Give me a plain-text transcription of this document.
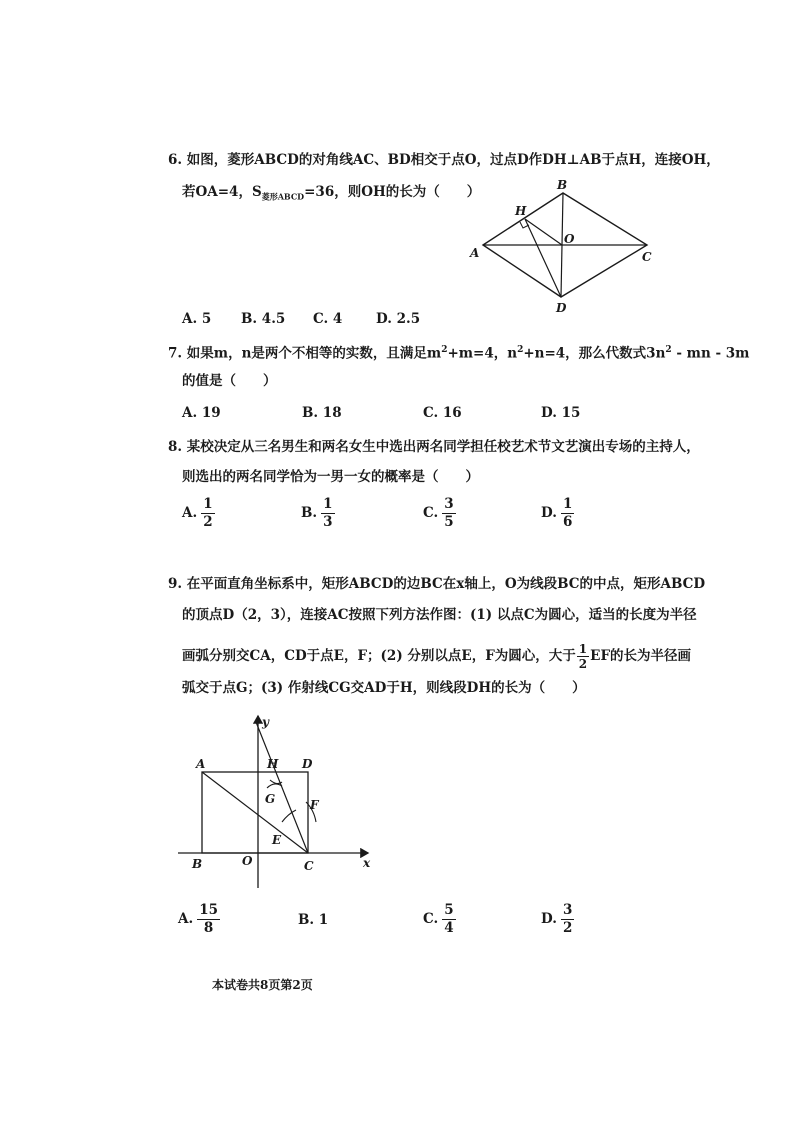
6. 如图，菱形ABCD的对角线AC、BD相交于点O，过点D作DH⊥AB于点H，连接OH，
若OA=4，$S_{菱形ABCD}=36$，则OH的长为（　　）	B
H
O
A	C
D
A. 5 B. 4.5 C. 4 D. 2.5
7. 如果m，n是两个不相等的实数，且满足$m^2+m=4$，$n^2+n=4$，那么代数式$3n^2$ - mn - 3m
的值是（　　）
A. 19	B. 18	C. 16	D. 15
8. 某校决定从三名男生和两名女生中选出两名同学担任校艺术节文艺演出专场的主持人，
则选出的两名同学恰为一男一女的概率是（　　）
A. $\frac{1}{2}$	B. $\frac{1}{3}$	C. $\frac{3}{5}$	D. $\frac{1}{6}$
9. 在平面直角坐标系中，矩形ABCD的边BC在x轴上，O为线段BC的中点，矩形ABCD
的顶点D（2，3），连接AC按照下列方法作图：(1) 以点C为圆心，适当的长度为半径
画弧分别交CA，CD于点E，F；(2) 分别以点E，F为圆心，大于 $\frac{1}{2}$ EF的长为半径画
弧交于点G；(3) 作射线CG交AD于H，则线段DH的长为（　　）
y
A	H D
G	F
E
B	O	C	x
A. $\frac{15}{8}$	B. 1	C. $\frac{5}{4}$	D. $\frac{3}{2}$
本试卷共8页第2页
